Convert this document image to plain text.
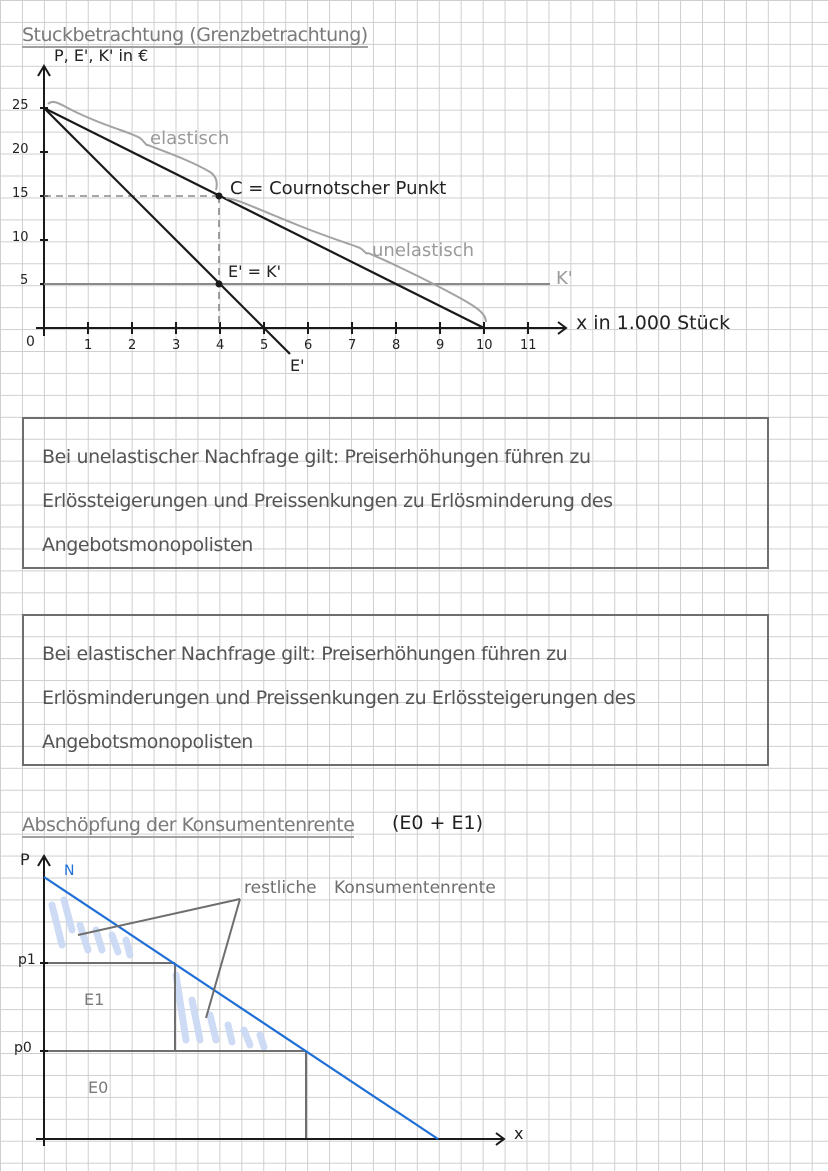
Stuckbetrachtung (Grenzbetrachtung)
P, E', K' in €
25
20
15
10
5
0	1	2	3	4	5	6	7	8	9 10 11
x in 1.000 Stück
elastisch
C = Cournotscher Punkt
unelastisch
E' = K'	K'
E'
Bei unelastischer Nachfrage gilt: Preiserhöhungen führen zu
Erlössteigerungen und Preissenkungen zu Erlösminderung des
Angebotsmonopolisten
Bei elastischer Nachfrage gilt: Preiserhöhungen führen zu
Erlösminderungen und Preissenkungen zu Erlössteigerungen des
Angebotsmonopolisten
Abschöpfung der Konsumentenrente (E0 + E1)
P
N
restliche Konsumentenrente
p1
p0
E1
E0
x
